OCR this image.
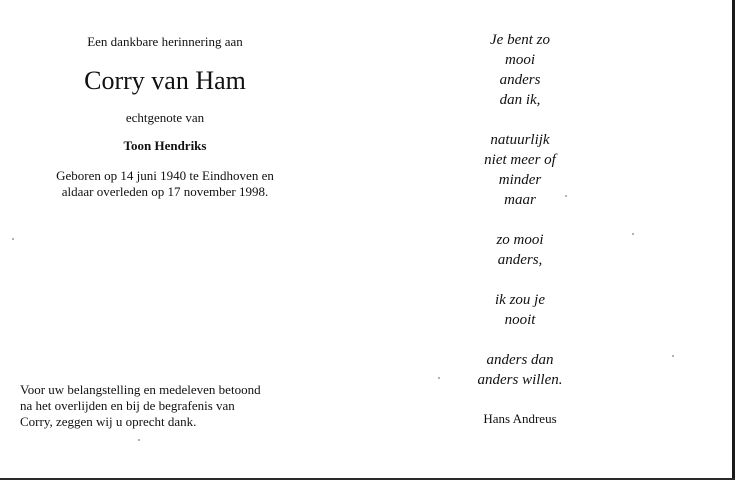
Een dankbare herinnering aan
Corry van Ham
echtgenote van
Toon Hendriks
Geboren op 14 juni 1940 te Eindhoven en
aldaar overleden op 17 november 1998.
Voor uw belangstelling en medeleven betoond
na het overlijden en bij de begrafenis van
Corry, zeggen wij u oprecht dank.
Je bent zo
mooi
anders
dan ik,
natuurlijk
niet meer of
minder
maar
zo mooi
anders,
ik zou je
nooit
anders dan
anders willen.
Hans Andreus
